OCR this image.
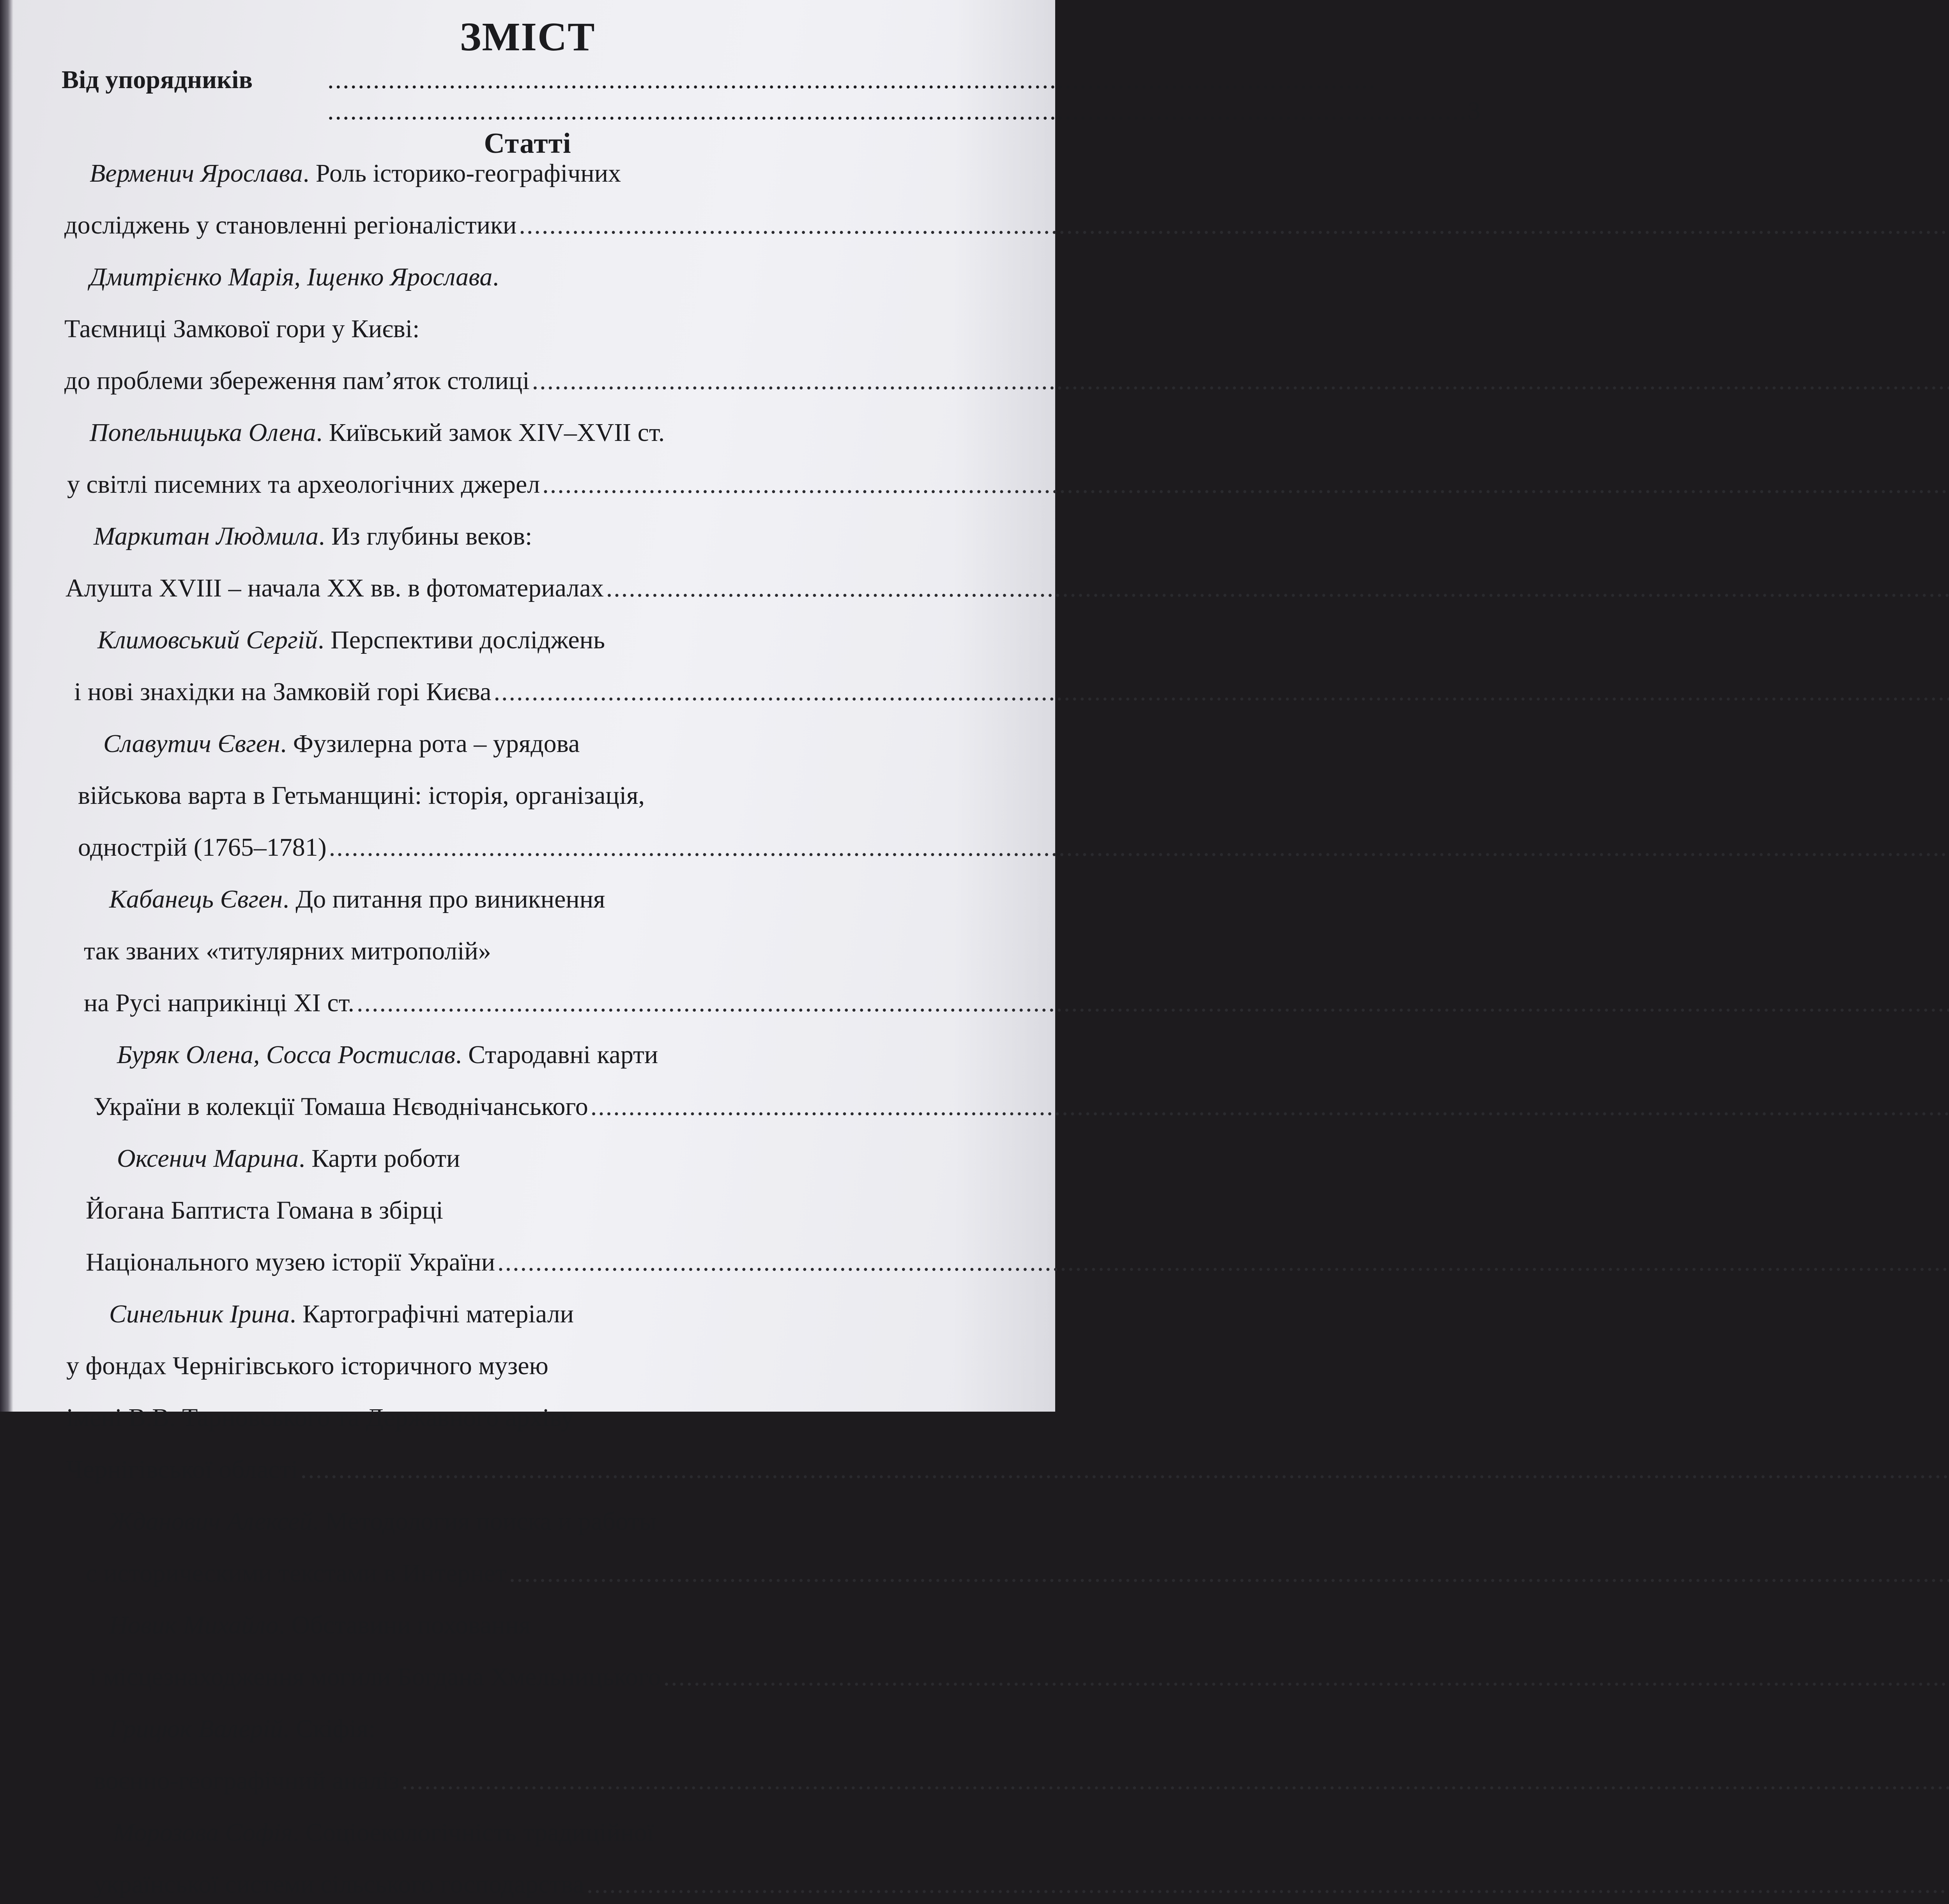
ЗМІСТ
Від упорядників
.....
.....
3
Статті
Верменич Ярослава. Роль історико-географічних
досліджень у становленні регіоналістики
.....
Дмитрієнко Марія, Іщенко Ярослава.
Таємниці Замкової гори у Києві:
до проблеми збереження пам’яток столиці
.....
Попельницька Олена. Київський замок XIV–XVII ст.
у світлі писемних та археологічних джерел
.....
Маркитан Людмила. Из глубины веков:
Алушта XVIII – начала XX вв. в фотоматериалах
.....
Климовський Сергій. Перспективи досліджень
і нові знахідки на Замковій горі Києва
.....
Славутич Євген. Фузилерна рота – урядова
військова варта в Гетьманщині: історія, організація,
однострій (1765–1781)
.....
Кабанець Євген. До питання про виникнення
так званих «титулярних митрополій»
на Русі наприкінці XI ст.
.....
Буряк Олена, Сосса Ростислав. Стародавні карти
України в колекції Томаша Нєводнічанського
.....
Оксенич Марина. Карти роботи
Йогана Баптиста Гомана в збірці
Національного музею історії України
.....
Синельник Ірина. Картографічні матеріали
у фондах Чернігівського історичного музею
імені В.В. Тарновського та Державного архіву
Чернігівської області
.....
Жданович Алексей. Методология поиска и работы
с историческими текстами в Интернет
.....
Новик Михайло. Обставини поховання
і місцезнаходження могили Богдана Хмельницького
.....
Грицюк Валерій. Скіфія:
воєнно-географічний аналіз
.....
Морозова Софія. Соціоекологічність традиційної
української системи сільського господарства
.....
